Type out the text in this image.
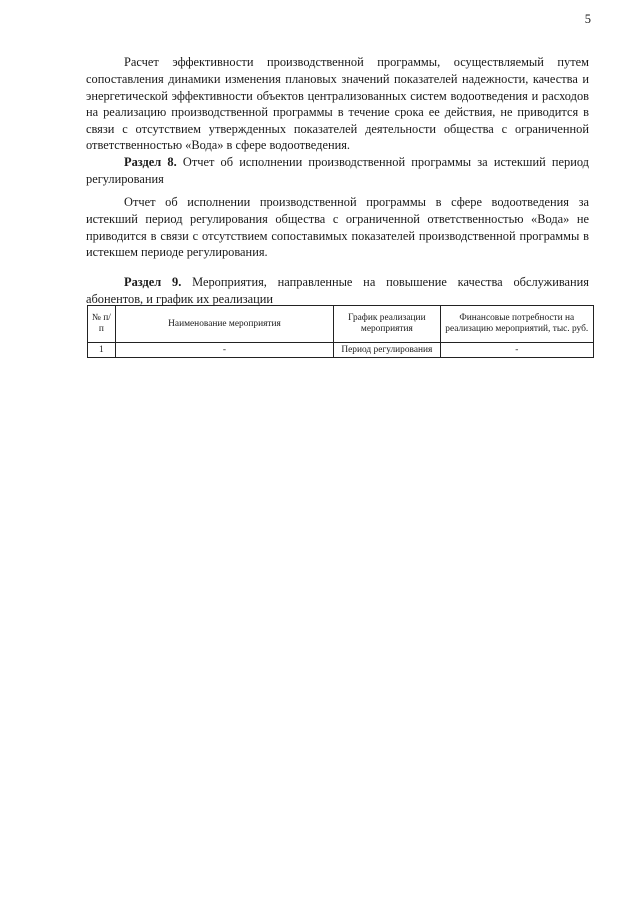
5

Расчет эффективности производственной программы, осуществляемый путем сопоставления динамики изменения плановых значений показателей надежности, качества и энергетической эффективности объектов централизованных систем водоотведения и расходов на реализацию производственной программы в течение срока ее действия, не приводится в связи с отсутствием утвержденных показателей деятельности общества с ограниченной ответственностью «Вода» в сфере водоотведения.

Раздел 8. Отчет об исполнении производственной программы за истекший период регулирования

Отчет об исполнении производственной программы в сфере водоотведения за истекший период регулирования общества с ограниченной ответственностью «Вода» не приводится в связи с отсутствием сопоставимых показателей производственной программы в истекшем периоде регулирования.

Раздел 9. Мероприятия, направленные на повышение качества обслуживания абонентов, и график их реализации

№ п/п	Наименование мероприятия	График реализации мероприятия	Финансовые потребности на реализацию мероприятий, тыс. руб.
1	-	Период регулирования	-
